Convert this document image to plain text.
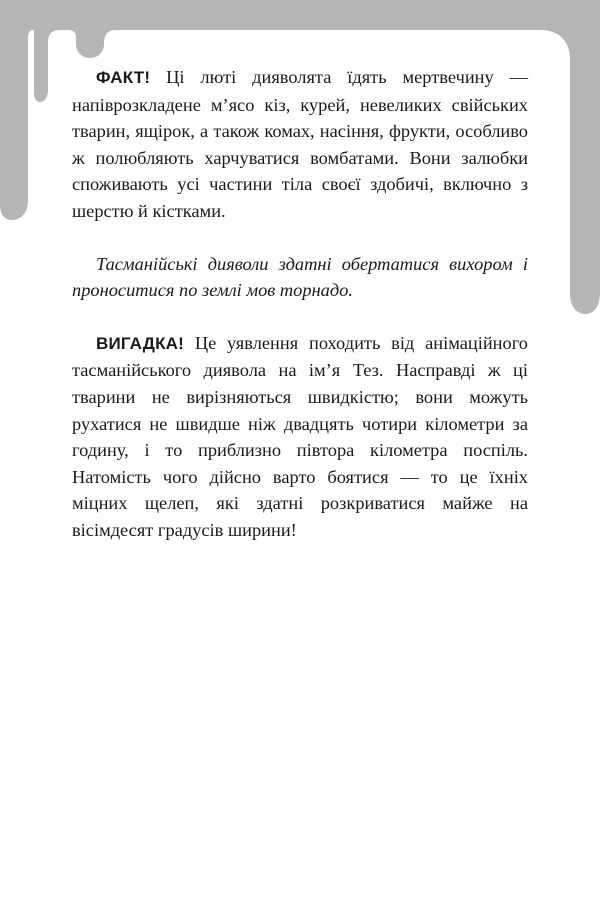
ФАКТ! Ці люті дияволята їдять мертвечину — напіврозкладене м’ясо кіз, курей, невеликих свійських тварин, ящірок, а також комах, насіння, фрукти, особливо ж полюбляють харчуватися вомбатами. Вони залюбки споживають усі частини тіла своєї здобичі, включно з шерстю й кістками.

Тасманійські дияволи здатні обертатися вихором і проноситися по землі мов торнадо.

ВИГАДКА! Це уявлення походить від анімаційного тасманійського диявола на ім’я Тез. Насправді ж ці тварини не вирізняються швидкістю; вони можуть рухатися не швидше ніж двадцять чотири кілометри за годину, і то приблизно півтора кілометра поспіль. Натомість чого дійсно варто боятися — то це їхніх міцних щелеп, які здатні розкриватися майже на вісімдесят градусів ширини!
